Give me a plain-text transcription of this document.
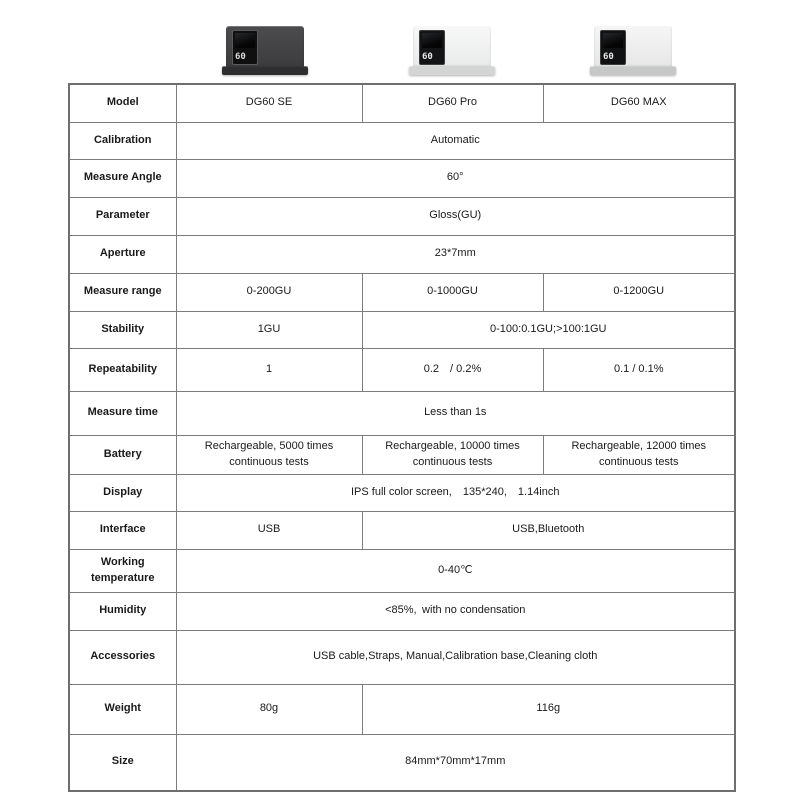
60	60	60
Model	DG60 SE	DG60 Pro	DG60 MAX
Calibration	Automatic		
Measure Angle	60°		
Parameter	Gloss(GU)		
Aperture	23*7mm		
Measure range	0-200GU	0-1000GU	0-1200GU
Stability	1GU	0-100:0.1GU;>100:1GU	
Repeatability	1	0.2 / 0.2%	0.1 / 0.1%
Measure time	Less than 1s		
Battery	Rechargeable, 5000 times continuous tests	Rechargeable, 10000 times continuous tests	Rechargeable, 12000 times continuous tests
Display	IPS full color screen, 135*240, 1.14inch		
Interface	USB	USB,Bluetooth	
Working temperature	0-40℃		
Humidity	<85%, with no condensation		
Accessories	USB cable,Straps, Manual,Calibration base,Cleaning cloth		
Weight	80g	116g	
Size	84mm*70mm*17mm		
